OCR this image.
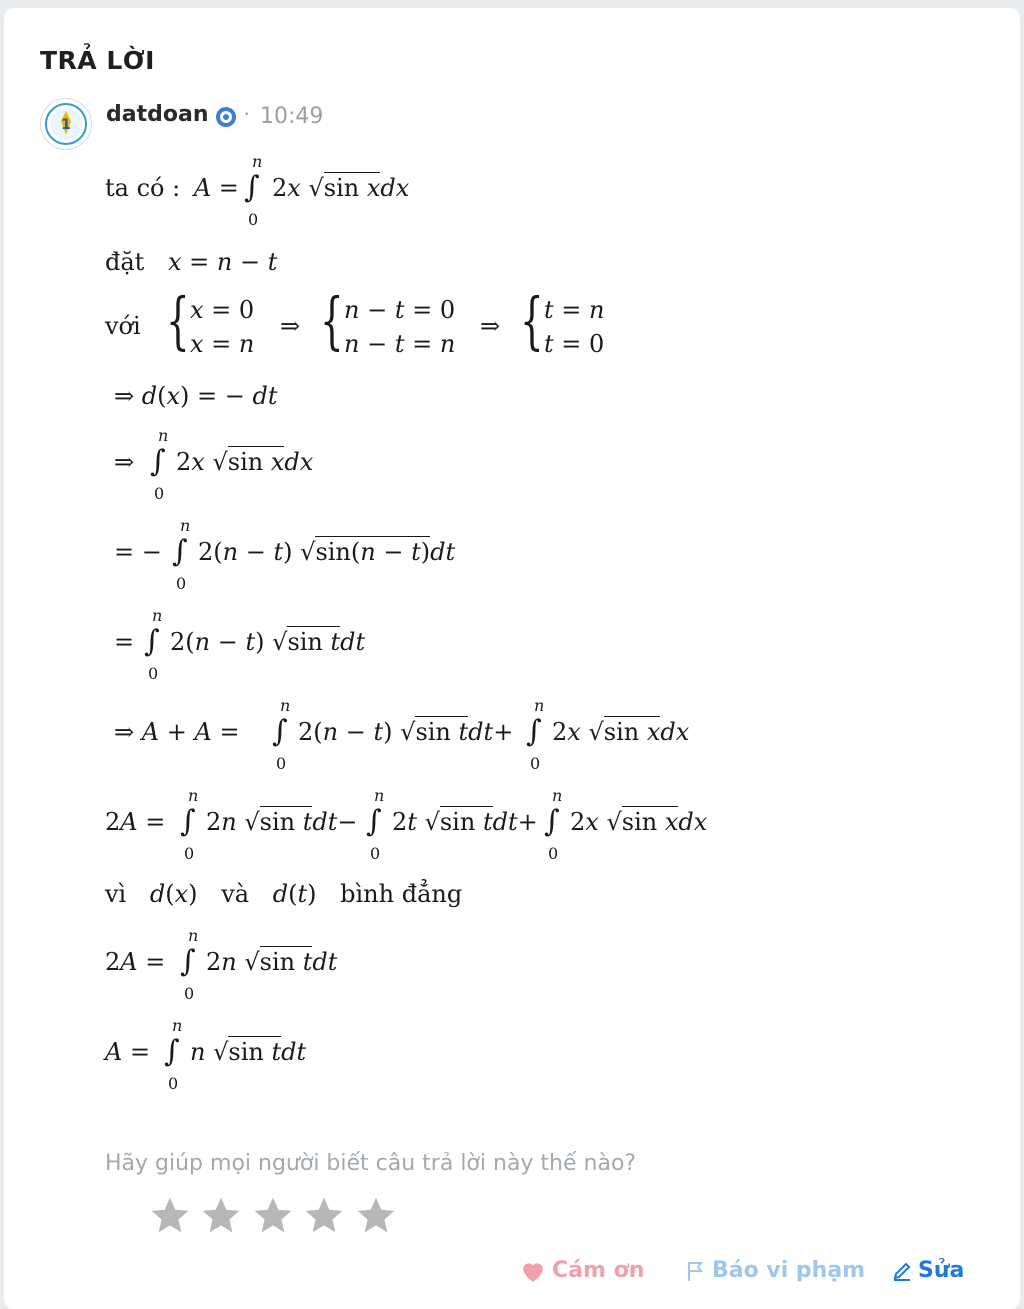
TRẢ LỜI
1 datdoan · 10:49
ta có : A =
n
∫
0
2x √sin xdx
đặt x = n − t
với { x = 0
x = n
⇒ { n − t = 0
n − t = n
⇒ { t = n
t = 0
⇒ d(x) = − dt
⇒
n
∫
0
2x √sin xdx
= −
n
∫
0
2(n − t) √sin(n − t)dt
=
n
∫
0
2(n − t) √sin tdt
⇒ A + A =
n
∫
0
2(n − t) √sin tdt+
n
∫
0
2x √sin xdx
2A =
n
∫
0
2n √sin tdt−
n
∫
0
2t √sin tdt+
n
∫
0
2x √sin xdx
vì d(x) và d(t) bình đẳng
2A =
n
∫
0
2n √sin tdt
A =
n
∫
0
n √sin tdt
Hãy giúp mọi người biết câu trả lời này thế nào?

Cám ơn	Báo vi phạm Sửa
